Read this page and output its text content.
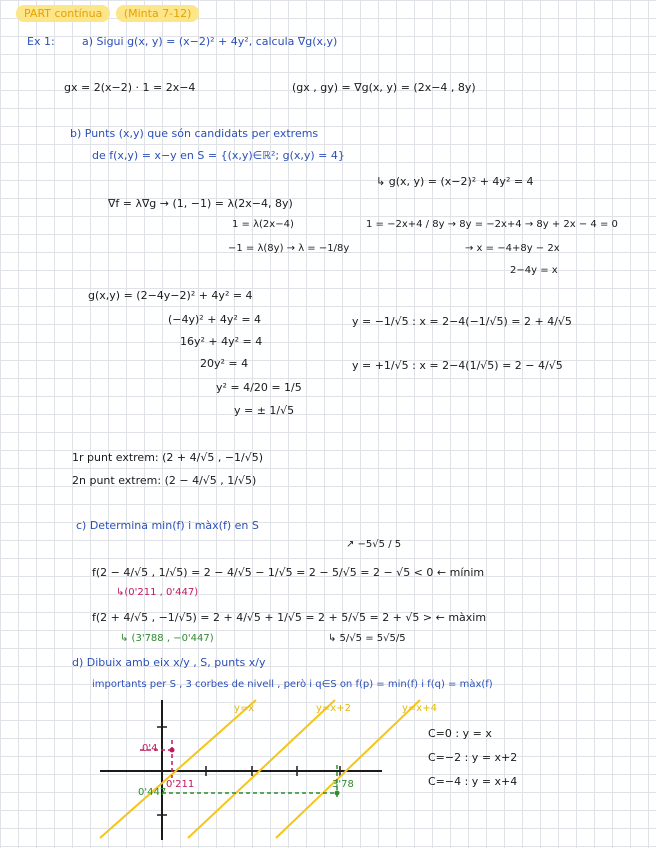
PART contínua (Minta 7-12)
Ex 1: a) Sigui g(x, y) = (x−2)² + 4y², calcula ∇g(x,y)
gx = 2(x−2) · 1 = 2x−4	(gx , gy) = ∇g(x, y) = (2x−4 , 8y)
b) Punts (x,y) que són candidats per extrems
de f(x,y) = x−y en S = {(x,y)∈ℝ²; g(x,y) = 4}
↳ g(x, y) = (x−2)² + 4y² = 4
∇f = λ∇g → (1, −1) = λ(2x−4, 8y)
1 = λ(2x−4)
−1 = λ(8y) → λ = −1/8y
1 = −2x+4 / 8y → 8y = −2x+4 → 8y + 2x − 4 = 0
→ x = −4+8y − 2x
2−4y = x
g(x,y) = (2−4y−2)² + 4y² = 4
(−4y)² + 4y² = 4
16y² + 4y² = 4
20y² = 4
y² = 4/20 = 1/5
y = ± 1/√5
y = −1/√5 : x = 2−4(−1/√5) = 2 + 4/√5
y = +1/√5 : x = 2−4(1/√5) = 2 − 4/√5
1r punt extrem: (2 + 4/√5 , −1/√5)
2n punt extrem: (2 − 4/√5 , 1/√5)
c) Determina min(f) i màx(f) en S
↗ −5√5 / 5
f(2 − 4/√5 , 1/√5) = 2 − 4/√5 − 1/√5 = 2 − 5/√5 = 2 − √5 < 0 ← mínim
↳(0'211 , 0'447)
f(2 + 4/√5 , −1/√5) = 2 + 4/√5 + 1/√5 = 2 + 5/√5 = 2 + √5 > ← màxim
↳ (3'788 , −0'447)	↳ 5/√5 = 5√5/5
d) Dibuix amb eix x/y , S, punts x/y
importants per S , 3 corbes de nivell , però i q∈S on f(p) = min(f) i f(q) = màx(f)
y=x	y=x+2	y=x+4
0'4
0'211
0'447
3'78
C=0 : y = x
C=−2 : y = x+2
C=−4 : y = x+4
